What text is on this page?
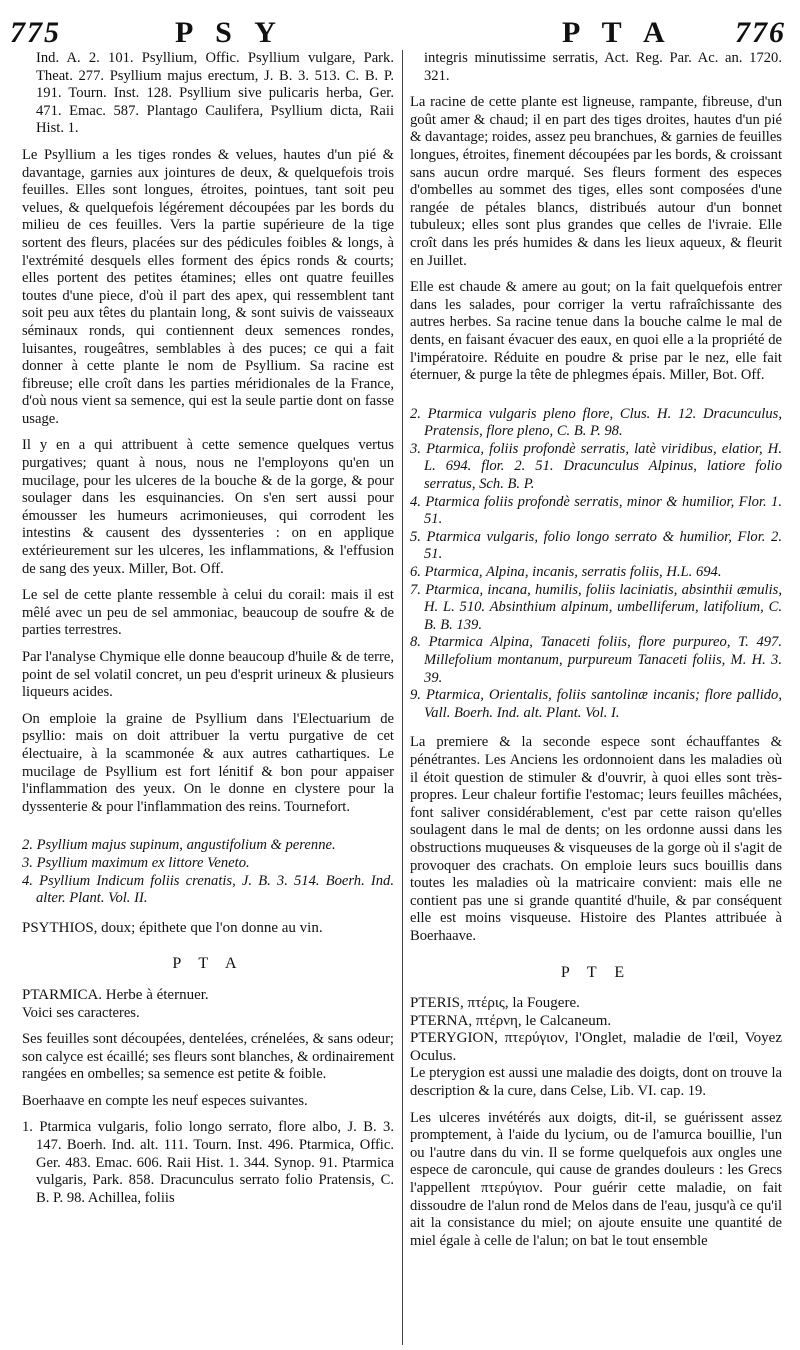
775	P S Y	P T A 776

Ind. A. 2. 101. Psyllium, Offic. Psyllium vulgare, Park. Theat. 277. Psyllium majus erectum, J. B. 3. 513. C. B. P. 191. Tourn. Inst. 128. Psyllium sive pulicaris herba, Ger. 471. Emac. 587. Plantago Caulifera, Psyllium dicta, Raii Hist. 1.

Le Psyllium a les tiges rondes & velues, hautes d'un pié & davantage, garnies aux jointures de deux, & quelquefois trois feuilles. Elles sont longues, étroites, pointues, tant soit peu velues, & quelquefois légérement découpées par les bords du milieu de ces feuilles. Vers la partie supérieure de la tige sortent des fleurs, placées sur des pédicules foibles & longs, à l'extrémité desquels elles forment des épics ronds & courts; elles portent des petites étamines; elles ont quatre feuilles toutes d'une piece, d'où il part des apex, qui ressemblent tant soit peu aux têtes du plantain long, & sont suivis de vaisseaux séminaux ronds, qui contiennent deux semences rondes, luisantes, rougeâtres, semblables à des puces; ce qui a fait donner à cette plante le nom de Psyllium. Sa racine est fibreuse; elle croît dans les parties méridionales de la France, d'où nous vient sa semence, qui est la seule partie dont on fasse usage.

Il y en a qui attribuent à cette semence quelques vertus purgatives; quant à nous, nous ne l'employons qu'en un mucilage, pour les ulceres de la bouche & de la gorge, & pour soulager dans les esquinancies. On s'en sert aussi pour émousser les humeurs acrimonieuses, qui corrodent les intestins & causent des dyssenteries : on en applique extérieurement sur les ulceres, les inflammations, & l'effusion de sang des yeux. Miller, Bot. Off.

Le sel de cette plante ressemble à celui du corail: mais il est mêlé avec un peu de sel ammoniac, beaucoup de soufre & de parties terrestres.

Par l'analyse Chymique elle donne beaucoup d'huile & de terre, point de sel volatil concret, un peu d'esprit urineux & plusieurs liqueurs acides.

On emploie la graine de Psyllium dans l'Electuarium de psyllio: mais on doit attribuer la vertu purgative de cet électuaire, à la scammonée & aux autres cathartiques. Le mucilage de Psyllium est fort lénitif & bon pour appaiser l'inflammation des yeux. On le donne en clystere pour la dyssenterie & pour l'inflammation des reins. Tournefort.

2. Psyllium majus supinum, angustifolium & perenne.

3. Psyllium maximum ex littore Veneto.

4. Psyllium Indicum foliis crenatis, J. B. 3. 514. Boerh. Ind. alter. Plant. Vol. II.

PSYTHIOS, doux; épithete que l'on donne au vin.

P T A

PTARMICA. Herbe à éternuer.

Voici ses caracteres.

Ses feuilles sont découpées, dentelées, crénelées, & sans odeur; son calyce est écaillé; ses fleurs sont blanches, & ordinairement rangées en ombelles; sa semence est petite & foible.

Boerhaave en compte les neuf especes suivantes.

1. Ptarmica vulgaris, folio longo serrato, flore albo, J. B. 3. 147. Boerh. Ind. alt. 111. Tourn. Inst. 496. Ptarmica, Offic. Ger. 483. Emac. 606. Raii Hist. 1. 344. Synop. 91. Ptarmica vulgaris, Park. 858. Dracunculus serrato folio Pratensis, C. B. P. 98. Achillea, foliis

integris minutissime serratis, Act. Reg. Par. Ac. an. 1720. 321.

La racine de cette plante est ligneuse, rampante, fibreuse, d'un goût amer & chaud; il en part des tiges droites, hautes d'un pié & davantage; roides, assez peu branchues, & garnies de feuilles longues, étroites, finement découpées par les bords, & croissant sans aucun ordre marqué. Ses fleurs forment des especes d'ombelles au sommet des tiges, elles sont composées d'une rangée de pétales blancs, distribués autour d'un bonnet tubuleux; elles sont plus grandes que celles de l'ivraie. Elle croît dans les prés humides & dans les lieux aqueux, & fleurit en Juillet.

Elle est chaude & amere au gout; on la fait quelquefois entrer dans les salades, pour corriger la vertu rafraîchissante des autres herbes. Sa racine tenue dans la bouche calme le mal de dents, en faisant évacuer des eaux, en quoi elle a la propriété de l'impératoire. Réduite en poudre & prise par le nez, elle fait éternuer, & purge la tête de phlegmes épais. Miller, Bot. Off.

2. Ptarmica vulgaris pleno flore, Clus. H. 12. Dracunculus, Pratensis, flore pleno, C. B. P. 98.

3. Ptarmica, foliis profondè serratis, latè viridibus, elatior, H. L. 694. flor. 2. 51. Dracunculus Alpinus, latiore folio serratus, Sch. B. P.

4. Ptarmica foliis profondè serratis, minor & humilior, Flor. 1. 51.

5. Ptarmica vulgaris, folio longo serrato & humilior, Flor. 2. 51.

6. Ptarmica, Alpina, incanis, serratis foliis, H.L. 694.

7. Ptarmica, incana, humilis, foliis laciniatis, absinthii æmulis, H. L. 510. Absinthium alpinum, umbelliferum, latifolium, C. B. B. 139.

8. Ptarmica Alpina, Tanaceti foliis, flore purpureo, T. 497. Millefolium montanum, purpureum Tanaceti foliis, M. H. 3. 39.

9. Ptarmica, Orientalis, foliis santolinæ incanis; flore pallido, Vall. Boerh. Ind. alt. Plant. Vol. I.

La premiere & la seconde espece sont échauffantes & pénétrantes. Les Anciens les ordonnoient dans les maladies où il étoit question de stimuler & d'ouvrir, à quoi elles sont très-propres. Leur chaleur fortifie l'estomac; leurs feuilles mâchées, font saliver considérablement, c'est par cette raison qu'elles soulagent dans le mal de dents; on les ordonne aussi dans les obstructions muqueuses & visqueuses de la gorge où il s'agit de provoquer des crachats. On emploie leurs sucs bouillis dans toutes les maladies où la matricaire convient: mais elle ne contient pas une si grande quantité d'huile, & par conséquent elle est moins visqueuse. Histoire des Plantes attribuée à Boerhaave.

P T E

PTERIS, πτέρις, la Fougere.

PTERNA, πτέρνη, le Calcaneum.

PTERYGION, πτερύγιον, l'Onglet, maladie de l'œil, Voyez Oculus.

Le pterygion est aussi une maladie des doigts, dont on trouve la description & la cure, dans Celse, Lib. VI. cap. 19.

Les ulceres invétérés aux doigts, dit-il, se guérissent assez promptement, à l'aide du lycium, ou de l'amurca bouillie, l'un ou l'autre dans du vin. Il se forme quelquefois aux ongles une espece de caroncule, qui cause de grandes douleurs : les Grecs l'appellent πτερύγιον. Pour guérir cette maladie, on fait dissoudre de l'alun rond de Melos dans de l'eau, jusqu'à ce qu'il ait la consistance du miel; on ajoute ensuite une quantité de miel égale à celle de l'alun; on bat le tout ensemble
